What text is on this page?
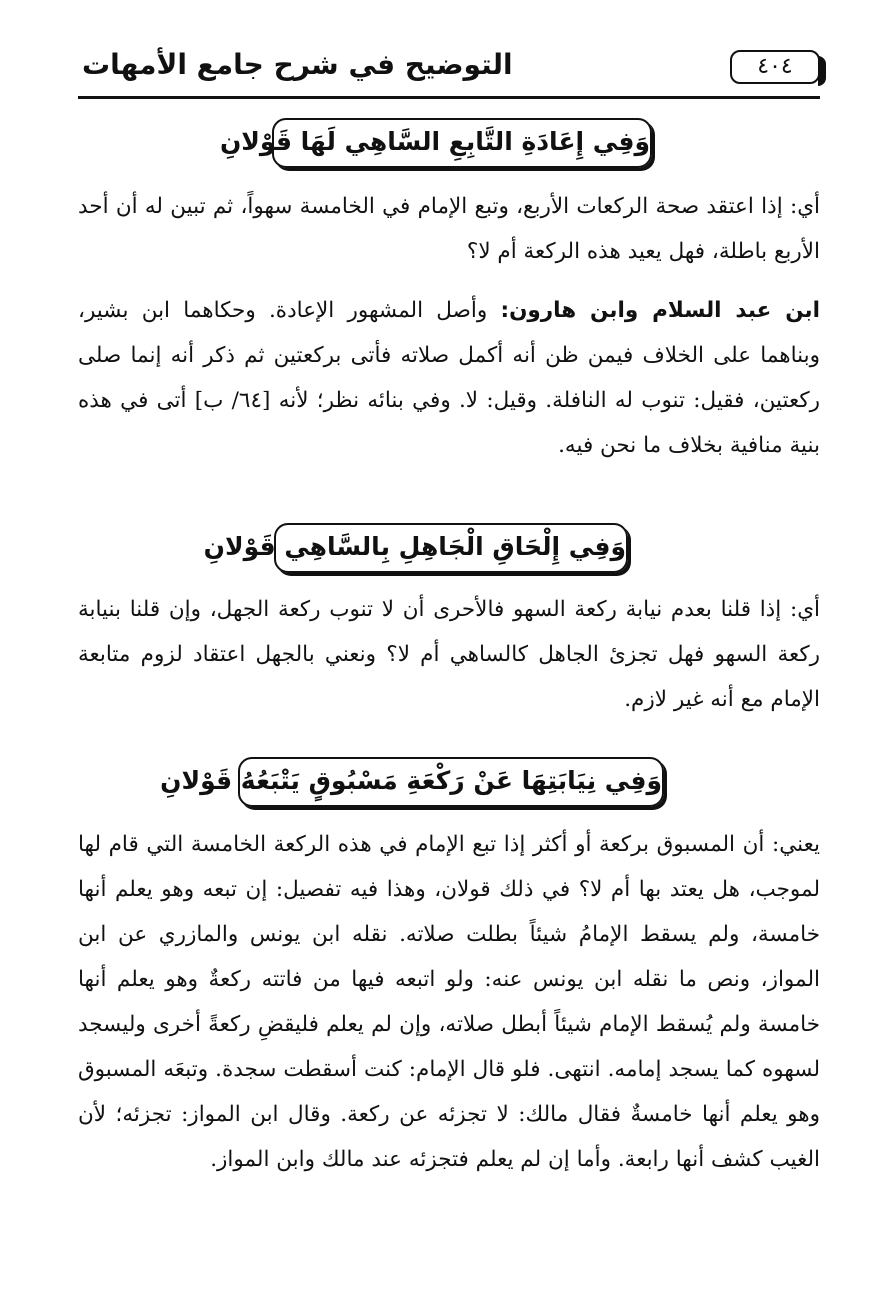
التوضيح في شرح جامع الأمهات	٤٠٤
وَفِي إِعَادَةِ التَّابِعِ السَّاهِي لَهَا قَوْلانِ

أي: إذا اعتقد صحة الركعات الأربع، وتبع الإمام في الخامسة سهواً، ثم تبين له أن أحد الأربع باطلة، فهل يعيد هذه الركعة أم لا؟

ابن عبد السلام وابن هارون: وأصل المشهور الإعادة. وحكاهما ابن بشير، وبناهما على الخلاف فيمن ظن أنه أكمل صلاته فأتى بركعتين ثم ذكر أنه إنما صلى ركعتين، فقيل: تنوب له النافلة. وقيل: لا. وفي بنائه نظر؛ لأنه [٦٤/ ب] أتى في هذه بنية منافية بخلاف ما نحن فيه.

وَفِي إِلْحَاقِ الْجَاهِلِ بِالسَّاهِي قَوْلانِ

أي: إذا قلنا بعدم نيابة ركعة السهو فالأحرى أن لا تنوب ركعة الجهل، وإن قلنا بنيابة ركعة السهو فهل تجزئ الجاهل كالساهي أم لا؟ ونعني بالجهل اعتقاد لزوم متابعة الإمام مع أنه غير لازم.

وَفِي نِيَابَتِهَا عَنْ رَكْعَةِ مَسْبُوقٍ يَتْبَعُهُ قَوْلانِ

يعني: أن المسبوق بركعة أو أكثر إذا تبع الإمام في هذه الركعة الخامسة التي قام لها لموجب، هل يعتد بها أم لا؟ في ذلك قولان، وهذا فيه تفصيل: إن تبعه وهو يعلم أنها خامسة، ولم يسقط الإمامُ شيئاً بطلت صلاته. نقله ابن يونس والمازري عن ابن المواز، ونص ما نقله ابن يونس عنه: ولو اتبعه فيها من فاتته ركعةٌ وهو يعلم أنها خامسة ولم يُسقط الإمام شيئاً أبطل صلاته، وإن لم يعلم فليقضِ ركعةً أخرى وليسجد لسهوه كما يسجد إمامه. انتهى. فلو قال الإمام: كنت أسقطت سجدة. وتبعَه المسبوق وهو يعلم أنها خامسةٌ فقال مالك: لا تجزئه عن ركعة. وقال ابن المواز: تجزئه؛ لأن الغيب كشف أنها رابعة. وأما إن لم يعلم فتجزئه عند مالك وابن المواز.
